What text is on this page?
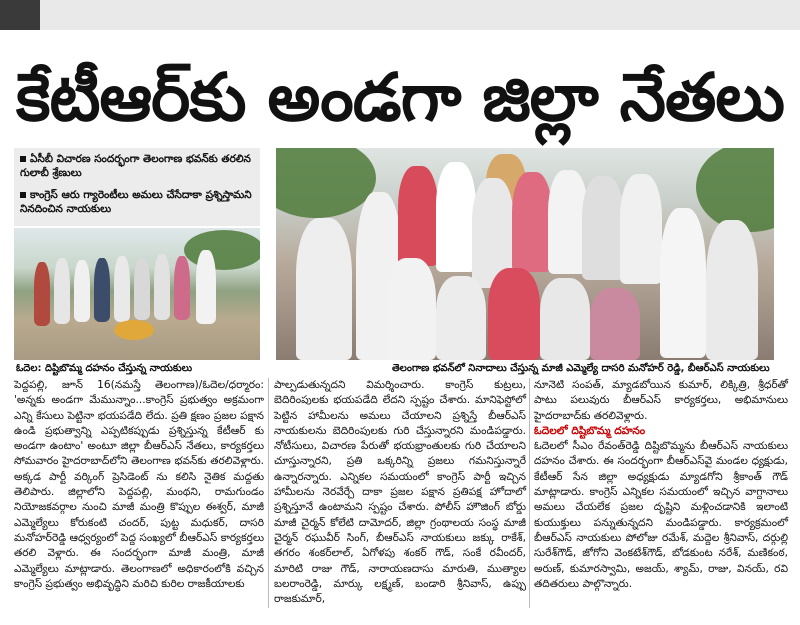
కేటీఆర్‌కు అండగా జిల్లా నేతలు
ఏసీబీ విచారణ సందర్భంగా తెలంగాణ భవన్‌కు తరలిన గులాబీ శ్రేణులు
కాంగ్రెస్ ఆరు గ్యారెంటీలు అమలు చేసేదాకా ప్రశ్నిస్తామని నినదించిన నాయకులు
ఓదెల: దిష్టిబొమ్మ దహనం చేస్తున్న నాయకులు	తెలంగాణ భవన్‌లో నినాదాలు చేస్తున్న మాజీ ఎమ్మెల్యే దాసరి మనోహర్ రెడ్డి, బీఆర్ఎస్ నాయకులు
పెద్దపల్లి, జూన్ 16(నమస్తే తెలంగాణ)/ఓదెల/ధర్మారం: 'అన్నకు అండగా మేమున్నాం...కాంగ్రెస్ ప్రభుత్వం అక్రమంగా ఎన్ని కేసులు పెట్టినా భయపడేది లేదు. ప్రతి క్షణం ప్రజల పక్షాన ఉండి ప్రభుత్వాన్ని ఎప్పటికప్పుడు ప్రశ్నిస్తున్న కేటీఆర్ కు అండగా ఉంటాం' అంటూ జిల్లా బీఆర్ఎస్ నేతలు, కార్యకర్తలు సోమవారం హైదరాబాద్‌లోని తెలంగాణ భవన్‌కు తరలివెళ్లారు. అక్కడ పార్టీ వర్కింగ్ ప్రెసిడెంట్ ను కలిసి నైతిక మద్దతు తెలిపారు. జిల్లాలోని పెద్దపల్లి, మంథని, రామగుండం నియోజకవర్గాల నుంచి మాజీ మంత్రి కొప్పుల ఈశ్వర్, మాజీ ఎమ్మెల్యేలు కోరుకంటి చందర్, పుట్ట మధుకర్, దాసరి మనోహర్‌రెడ్డి ఆధ్వర్యంలో పెద్ద సంఖ్యలో బీఆర్ఎస్ కార్యకర్తలు తరలి వెళ్లారు. ఈ సందర్భంగా మాజీ మంత్రి, మాజీ ఎమ్మెల్యేలు మాట్లాడారు. తెలంగాణలో అధికారంలోకి వచ్చిన కాంగ్రెస్ ప్రభుత్వం అభివృద్ధిని మరిచి కురిల రాజకీయాలకు
పాల్పడుతున్నదని విమర్శించారు. కాంగ్రెస్ కుట్రలు, బెదిరింపులకు భయపడేది లేదని స్పష్టం చేశారు. మానిఫెస్టోలో పెట్టిన హామీలను అమలు చేయాలని ప్రశ్నిస్తే బీఆర్ఎస్ నాయకులను బెదిరింపులకు గురి చేస్తున్నారని మండిపడ్డారు. నోటీసులు, విచారణ పేరుతో భయభ్రాంతులకు గురి చేయాలని చూస్తున్నారని, ప్రతి ఒక్కరిన్ని ప్రజలు గమనిస్తున్నారే ఉన్నారన్నారు. ఎన్నికల సమయంలో కాంగ్రెస్ పార్టీ ఇచ్చిన హామీలను నెరవేర్చే దాకా ప్రజల పక్షాన ప్రతిపక్ష హోదాలో ప్రశ్నిస్తూనే ఉంటామని స్పష్టం చేశారు. పోలీస్ హౌజింగ్ బోర్డు మాజీ చైర్మన్ కోలేటి దామోదర్, జిల్లా గ్రంథాలయ సంస్థ మాజీ చైర్మన్ రఘువీర్ సింగ్, బీఆర్ఎస్ నాయకులు జక్కు రాకేశ్, తగరం శంకర్‌లాల్, ఏగోళపు శంకర్ గౌడ్, సంకే రవీందర్, మారిటి రాజు గౌడ్, నారాయణదాసు మారుతి, ముత్యాల బలరాంరెడ్డి, మార్కు లక్ష్మణ్, బండారి శ్రీనివాస్, ఉప్పు రాజకుమార్,
నూనెటి సంపత్, మ్యాడబోయిన కుమార్, లిక్కిత్రి, శ్రీధర్‌తో పాటు పలువురు బీఆర్ఎస్ కార్యకర్తలు, అభిమానులు హైదరాబాద్‌కు తరలివెళ్లారు.
ఓదెలలో దిష్టిబొమ్మ దహనం
ఓదెలలో సీఎం రేవంత్‌రెడ్డి దిష్టిబొమ్మను బీఆర్ఎస్ నాయకులు దహనం చేశారు. ఈ సందర్భంగా బీఆర్ఎస్‌వై మండల ధ్యక్షుడు, కేటీఆర్ సేన జిల్లా అధ్యక్షుడు మ్యాడగోని శ్రీకాంత్ గౌడ్ మాట్లాడారు. కాంగ్రెస్ ఎన్నికల సమయంలో ఇచ్చిన వాగ్దానాలు అమలు చేయలేక ప్రజల దృష్టిని మళ్లించడానికి ఇలాంటి కుయుక్తులు పన్నుతున్నదని మండిపడ్డారు. కార్యక్రమంలో బీఆర్ఎస్ నాయకులు పోలోజు రమేశ్, మద్దెల శ్రీనివాస్, దర్గుల్లి సురేశ్‌గౌడ్, జోగోని వెంకటేశ్‌గౌడ్, బోడకుంట నరేశ్, మణికంఠ, అరుణ్, కుమారస్వామి, అజయ్, శ్యామ్, రాజు, వినయ్, రవి తదితరులు పాల్గొన్నారు.
